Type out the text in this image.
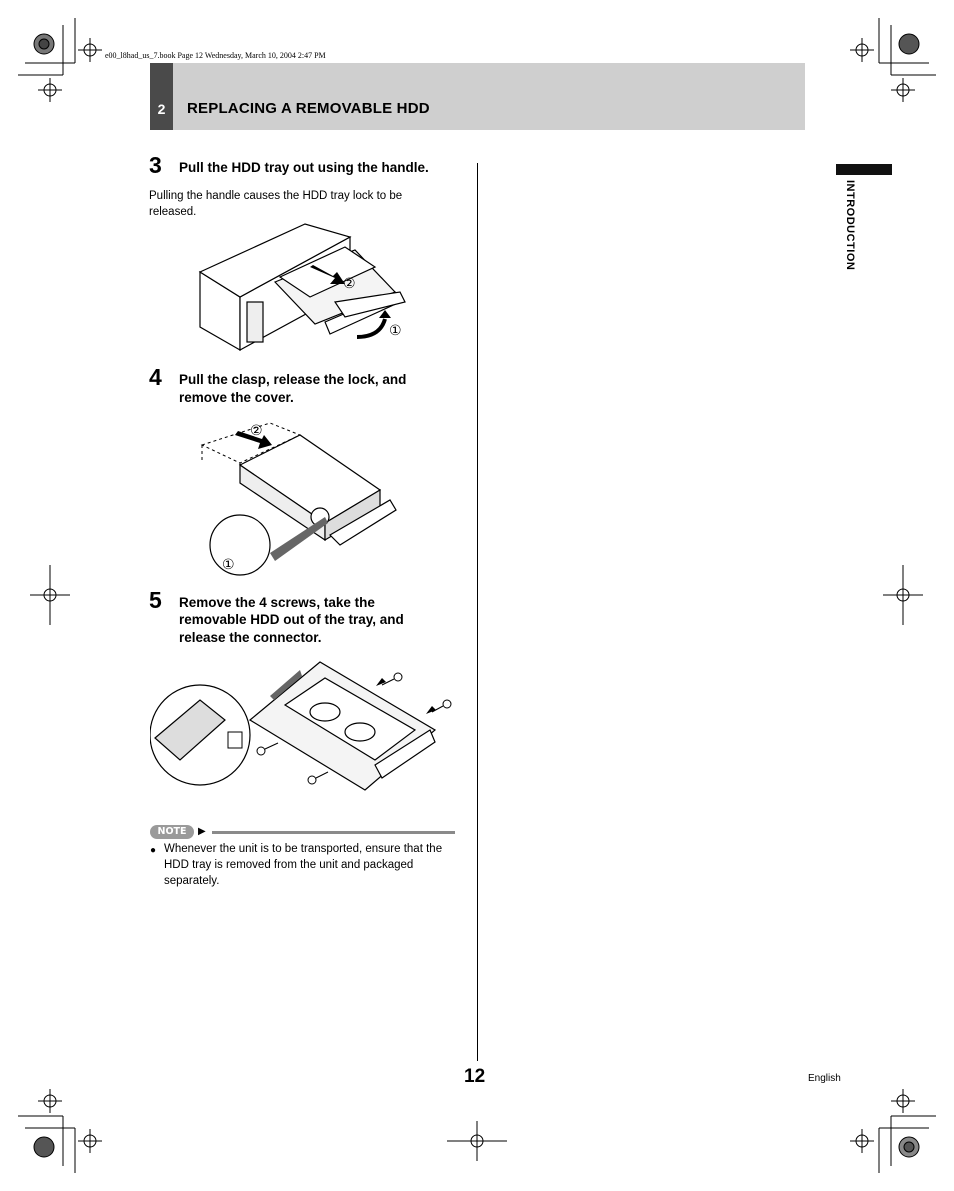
e00_l8had_us_7.book Page 12 Wednesday, March 10, 2004 2:47 PM
2	REPLACING A REMOVABLE HDD
3 Pull the HDD tray out using the handle.
Pulling the handle causes the HDD tray lock to be
released.
②
①
4 Pull the clasp, release the lock, and
remove the cover.
②
①
5 Remove the 4 screws, take the
removable HDD out of the tray, and
release the connector.
NOTE	▶
● Whenever the unit is to be transported, ensure that the
HDD tray is removed from the unit and packaged
separately.
INTRODUCTION
12	English
